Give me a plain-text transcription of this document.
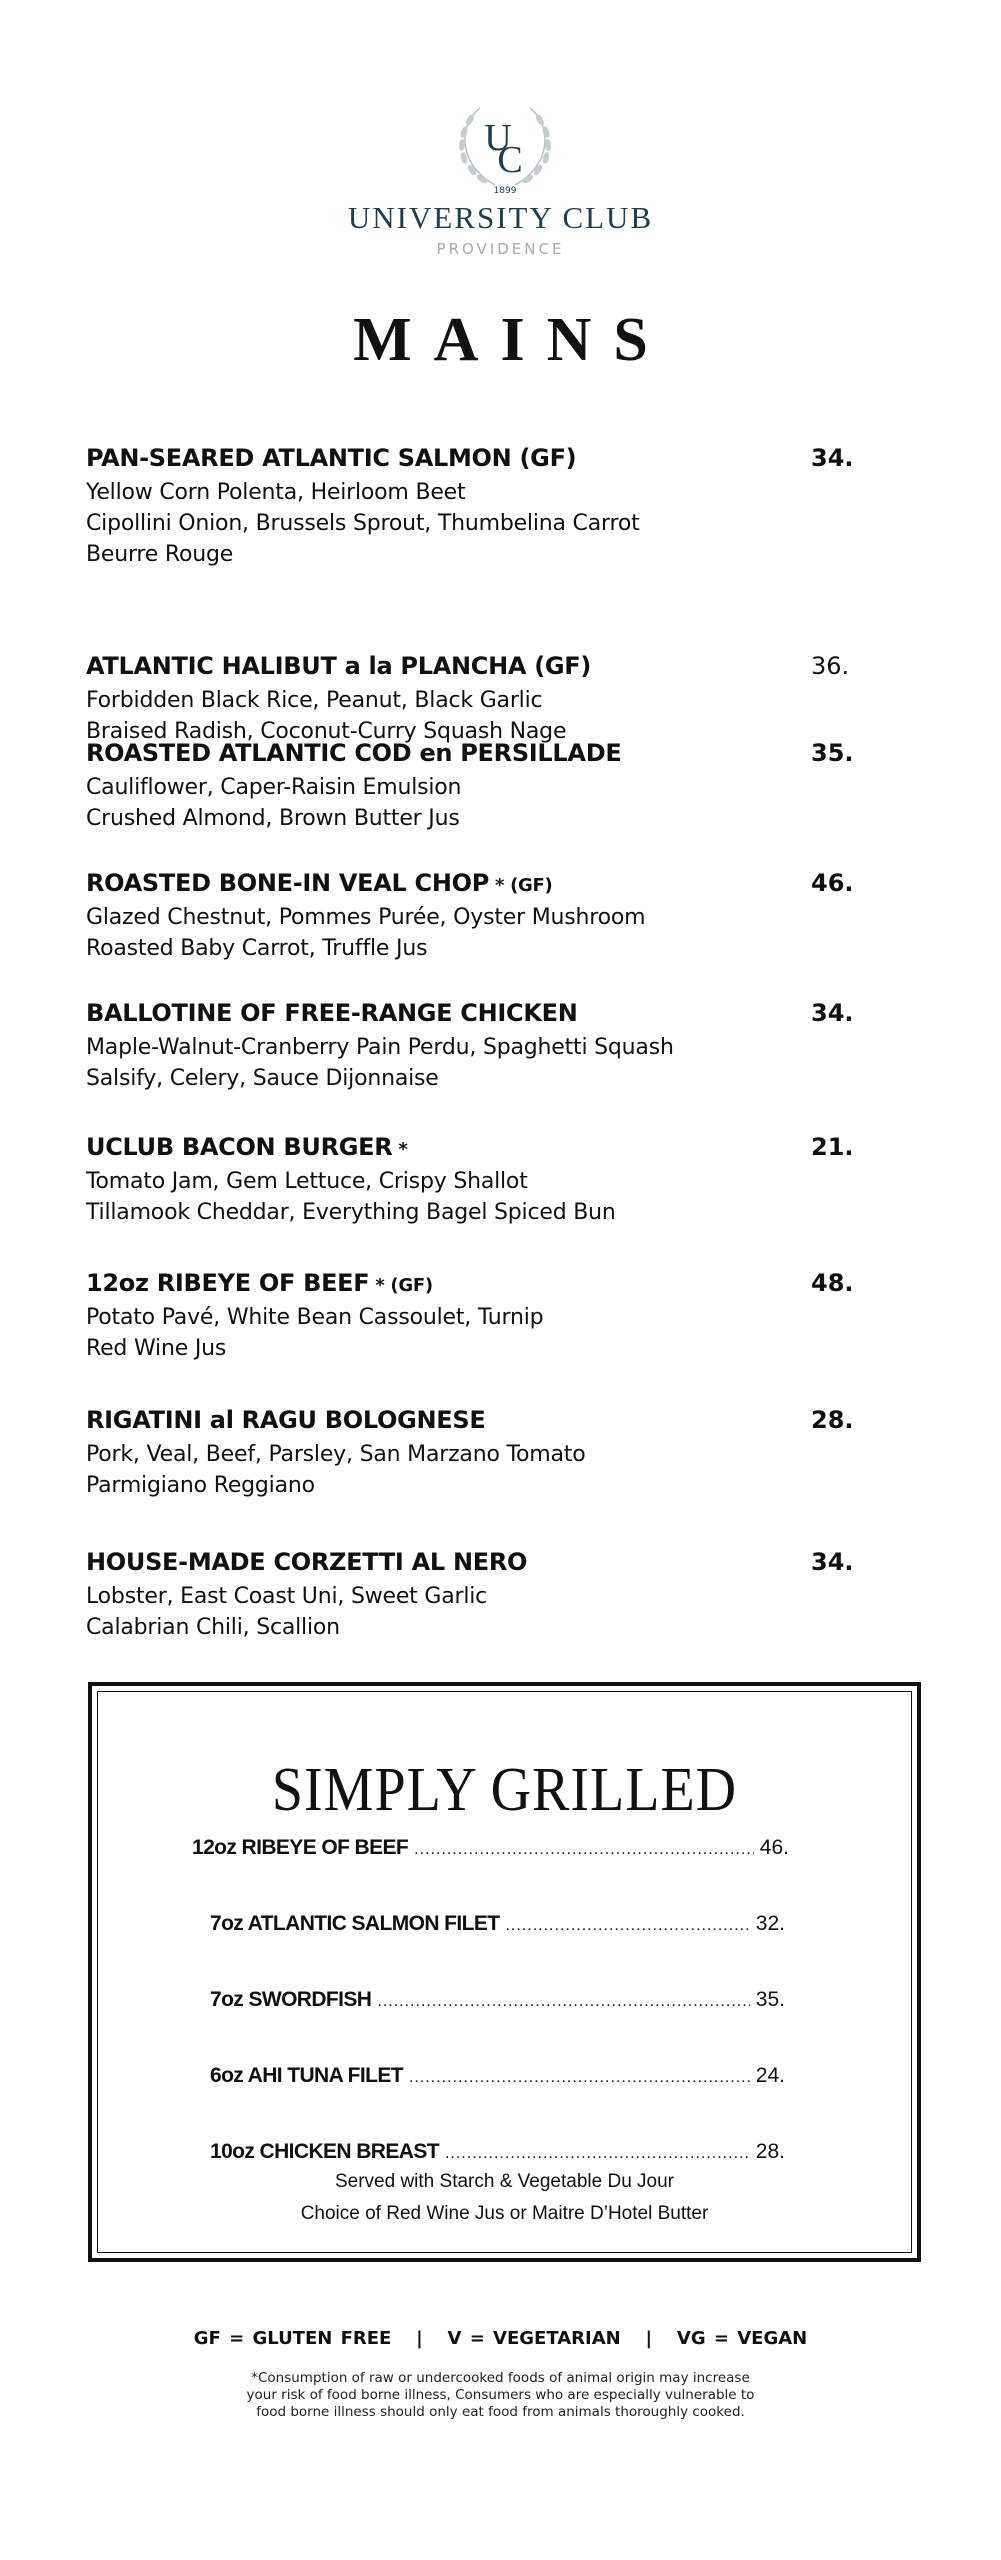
U
C
1899
UNIVERSITY CLUB
PROVIDENCE
MAINS
PAN-SEARED ATLANTIC SALMON (GF)	34.
Yellow Corn Polenta, Heirloom Beet
Cipollini Onion, Brussels Sprout, Thumbelina Carrot
Beurre Rouge
ATLANTIC HALIBUT a la PLANCHA (GF)	36.
Forbidden Black Rice, Peanut, Black Garlic
Braised Radish, Coconut-Curry Squash Nage
ROASTED ATLANTIC COD en PERSILLADE	35.
Cauliflower, Caper-Raisin Emulsion
Crushed Almond, Brown Butter Jus
ROASTED BONE-IN VEAL CHOP * (GF)	46.
Glazed Chestnut, Pommes Purée, Oyster Mushroom
Roasted Baby Carrot, Truffle Jus
BALLOTINE OF FREE-RANGE CHICKEN	34.
Maple-Walnut-Cranberry Pain Perdu, Spaghetti Squash
Salsify, Celery, Sauce Dijonnaise
UCLUB BACON BURGER *	21.
Tomato Jam, Gem Lettuce, Crispy Shallot
Tillamook Cheddar, Everything Bagel Spiced Bun
12oz RIBEYE OF BEEF * (GF)	48.
Potato Pavé, White Bean Cassoulet, Turnip
Red Wine Jus
RIGATINI al RAGU BOLOGNESE	28.
Pork, Veal, Beef, Parsley, San Marzano Tomato
Parmigiano Reggiano
HOUSE-MADE CORZETTI AL NERO	34.
Lobster, East Coast Uni, Sweet Garlic
Calabrian Chili, Scallion
SIMPLY GRILLED
12oz RIBEYE OF BEEF .....	46.
7oz ATLANTIC SALMON FILET .....	32.
7oz SWORDFISH .....	35.
6oz AHI TUNA FILET .....	24.
10oz CHICKEN BREAST .....	28.
Served with Starch & Vegetable Du Jour
Choice of Red Wine Jus or Maitre D’Hotel Butter
GF = GLUTEN FREE   |   V = VEGETARIAN   |   VG = VEGAN
*Consumption of raw or undercooked foods of animal origin may increase your risk of food borne illness, Consumers who are especially vulnerable to food borne illness should only eat food from animals thoroughly cooked.
